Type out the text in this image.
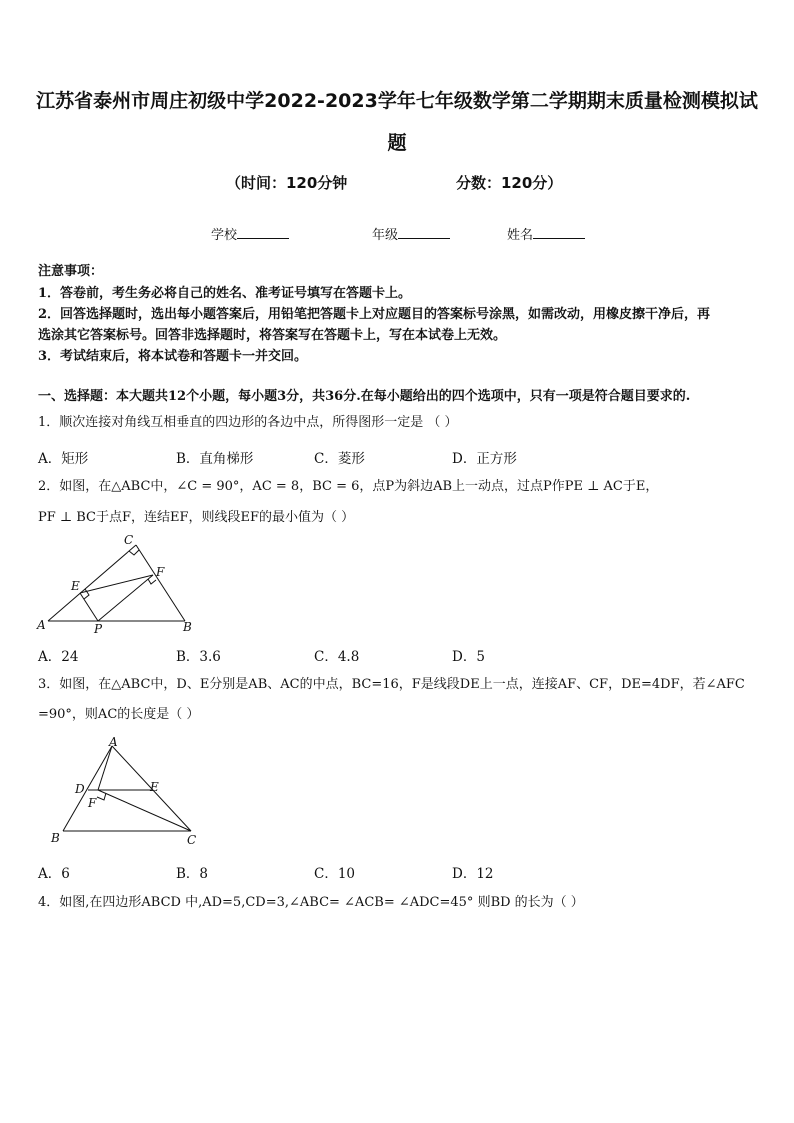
江苏省泰州市周庄初级中学2022-2023学年七年级数学第二学期期末质量检测模拟试
题
（时间：120分钟	分数：120分）
学校	年级	姓名
注意事项：
1．答卷前，考生务必将自己的姓名、准考证号填写在答题卡上。
2．回答选择题时，选出每小题答案后，用铅笔把答题卡上对应题目的答案标号涂黑，如需改动，用橡皮擦干净后，再
选涂其它答案标号。回答非选择题时，将答案写在答题卡上，写在本试卷上无效。
3．考试结束后，将本试卷和答题卡一并交回。
一、选择题：本大题共12个小题，每小题3分，共36分.在每小题给出的四个选项中，只有一项是符合题目要求的.
1．顺次连接对角线互相垂直的四边形的各边中点，所得图形一定是 （ ）
A．矩形	B．直角梯形	C．菱形	D．正方形
2．如图，在△ABC中，∠C = 90°，AC = 8，BC = 6，点P为斜边AB上一动点，过点P作PE ⊥ AC于E，
PF ⊥ BC于点F，连结EF，则线段EF的最小值为（ ）
C
E
F
A	P	B
A．24	B．3.6	C．4.8	D．5
3．如图，在△ABC中，D、E分别是AB、AC的中点，BC=16，F是线段DE上一点，连接AF、CF，DE=4DF，若∠AFC
=90°，则AC的长度是（ ）
A
D	E
F
B	C
A．6	B．8	C．10	D．12
4．如图,在四边形ABCD 中,AD=5,CD=3,∠ABC= ∠ACB= ∠ADC=45° 则BD 的长为（ ）
